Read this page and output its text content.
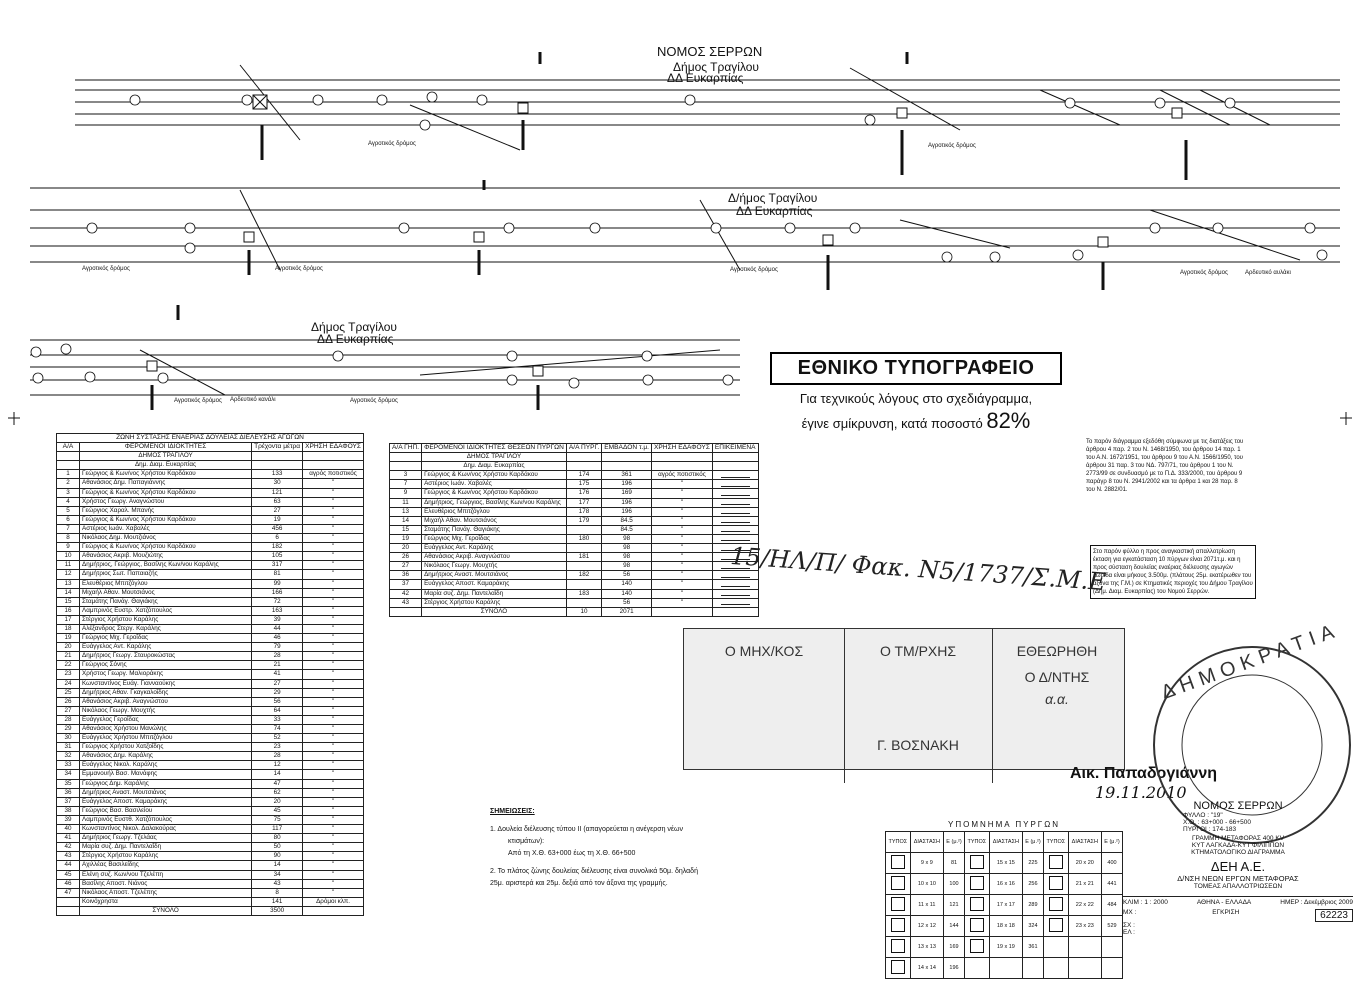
ΝΟΜΟΣ ΣΕΡΡΩΝ
Δήμος Τραγίλου
ΔΔ Ευκαρπίας
Δ/ήμος Τραγίλου
ΔΔ Ευκαρπίας
Δήμος Τραγίλου
ΔΔ Ευκαρπίας
Αγροτικός δρόμος	Αγροτικός δρόμος
Αγροτικός δρόμος	Αγροτικός δρόμος	Αγροτικός δρόμος	Αγροτικός δρόμος
Αγροτικός δρόμος	Αγροτικός δρόμος
Αρδευτικό κανάλι
Αρδευτικό αυλάκι
ΕΘΝΙΚΟ ΤΥΠΟΓΡΑΦΕΙΟ
Για τεχνικούς λόγους στο σχεδιάγραμμα,
έγινε σμίκρυνση, κατά ποσοστό 82%
Το παρόν διάγραμμα εξεδόθη σύμφωνα με τις διατάξεις του άρθρου 4 παρ. 2 του Ν. 1468/1950, του άρθρου 14 παρ. 1 του Α.Ν. 1672/1951, του άρθρου 9 του Α.Ν. 1566/1950, του άρθρου 31 παρ. 3 του ΝΔ. 797/71, του άρθρου 1 του Ν. 2773/99 σε συνδυασμό με το Π.Δ. 333/2000, του άρθρου 9 παράγρ 8 του Ν. 2941/2002 και τα άρθρα 1 και 28 παρ. 8 του Ν. 2882/01.
Στο παρόν φύλλο η προς αναγκαστική απαλλοτρίωση έκταση για εγκατάσταση 10 πύργων είναι 2071τ.μ. και η προς σύσταση δουλείας εναέριας διέλευσης αγωγών λωρίδα είναι μήκους 3.500μ. (πλάτους 25μ. εκατέρωθεν του άξονα της Γ.Μ.) σε Κτηματικές περιοχές του Δήμου Τραγίλου (Δημ. Διαμ. Ευκαρπίας) του Νομού Σερρών.
ΖΩΝΗ ΣΥΣΤΑΣΗΣ ΕΝΑΕΡΙΑΣ ΔΟΥΛΕΙΑΣ ΔΙΕΛΕΥΣΗΣ ΑΓΩΓΩΝ			
Α/Α	ΦΕΡΟΜΕΝΟΙ ΙΔΙΟΚΤΗΤΕΣ	Τρέχοντα μέτρα	ΧΡΗΣΗ ΕΔΑΦΟΥΣ
	ΔΗΜΟΣ ΤΡΑΓΙΛΟΥ		
	Δημ. Διαμ. Ευκαρπίας		
1	Γεώργιος & Κων/νος Χρήστου Καρδάκου	133	αγρός ποτιστικός
2	Αθανάσιος Δημ. Παπαγιάννης	30	"
3	Γεώργιος & Κων/νος Χρήστου Καρδάκου	121	"
4	Χρήστος Γεωργ. Αναγνώστου	63	"
5	Γεώργιος Χαραλ. Μπανής	27	"
6	Γεώργιος & Κων/νος Χρήστου Καρδάκου	19	"
7	Αστέριος Ιωάν. Χαβαλές	456	"
8	Νικόλαος Δημ. Μουτζιάνος	6	"
9	Γεώργιος & Κων/νος Χρήστου Καρδάκου	182	"
10	Αθανάσιος Ακριβ. Μουζιώτης	105	"
11	Δημήτριος, Γεώργιος, Βασίλης Κων/νου Καράλης	317	"
12	Δημήτριος Σωτ. Παπαιαζής	81	"
13	Ελευθέριος Μπιτζόγλου	99	"
14	Μιχαήλ Αθαν. Μουτσιάνος	166	"
15	Σταμάτης Πανάγ. Θαγιάκης	72	"
16	Λαμπρινός Ευστρ. Χατζόπουλος	163	"
17	Στέργιος Χρήστου Καράλης	39	"
18	Αλέξανδρος Στεργ. Καράλης	44	"
19	Γεώργιος Μιχ. Γεροΐδας	46	"
20	Ευάγγελος Αντ. Καράλης	79	"
21	Δημήτριος Γεωργ. Σταυροκώστας	28	"
22	Γεώργιος Σόνης	21	"
23	Χρήστος Γεωργ. Μαλιοράκης	41	"
24	Κωνσταντίνος Ευάγ. Γιανναούκης	27	"
25	Δημήτριος Αθαν. Γκαγκαλοΐδης	29	"
26	Αθανάσιος Ακριβ. Αναγνώστου	56	"
27	Νικόλαος Γεωργ. Μουχτής	64	"
28	Ευάγγελος Γεροΐδας	33	"
29	Αθανάσιος Χρήστου Μανώλης	74	"
30	Ευάγγελος Χρήστου Μπιτζόγλου	52	"
31	Γεώργιος Χρήστου Χατζοΐδης	23	"
32	Αθανάσιος Δημ. Καράλης	28	"
33	Ευάγγελος Νικολ. Καράλης	12	"
34	Εμμανουήλ Βασ. Μανάφης	14	"
35	Γεώργιος Δημ. Καράλης	47	"
36	Δημήτριος Αναστ. Μουτσιάνος	62	"
37	Ευάγγελος Αποστ. Καμαράκης	20	"
38	Γεώργιος Βασ. Βασιλείου	45	"
39	Λαμπρινός Ευστθ. Χατζόπουλος	75	"
40	Κωνσταντίνος Νικολ. Δαλακούρας	117	"
41	Δημήτριος Γεωργ. Τζελάας	80	"
42	Μαρία συζ. Δημ. Παντελαΐδη	50	"
43	Στέργιος Χρήστου Καράλης	90	"
44	Αχιλλέας Βασιλείδης	14	"
45	Ελένη συζ. Κων/νου Τζελέπη	34	"
46	Βασίλης Αποστ. Νιάνος	43	"
47	Νικόλαος Αποστ. Τζελέπης	8	"
	Κοινόχρηστα	141	Δρόμοι κλπ.
	ΣΥΝΟΛΟ	3500	
Α/Α ΓΗΠ.	ΦΕΡΟΜΕΝΟΙ ΙΔΙΟΚΤΗΤΕΣ ΘΕΣΕΩΝ ΠΥΡΓΩΝ	Α/Α ΠΥΡΓ.	ΕΜΒΑΔΟΝ τ.μ.	ΧΡΗΣΗ ΕΔΑΦΟΥΣ	ΕΠΙΚΕΙΜΕΝΑ
	ΔΗΜΟΣ ΤΡΑΓΙΛΟΥ				
	Δημ. Διαμ. Ευκαρπίας				
3	Γεώργιος & Κων/νος Χρήστου Καρδάκου	174	361	αγρός ποτιστικός	

7	Αστέριος Ιωάν. Χαβαλές	175	196	"	

9	Γεώργιος & Κων/νος Χρήστου Καρδάκου	176	169	"	

11	Δημήτριος, Γεώργιος, Βασίλης Κων/νου Καράλης	177	196	"	

13	Ελευθέριος Μπιτζόγλου	178	196	"	

14	Μιχαήλ Αθαν. Μουτσιάνος	179	84.5	"	

15	Σταμάτης Πανάγ. Θαγιάκης		84.5	"	

19	Γεώργιος Μιχ. Γεροΐδας	180	98	"	

20	Ευάγγελος Αντ. Καράλης		98	"	

26	Αθανάσιος Ακριβ. Αναγνώστου	181	98	"	

27	Νικόλαος Γεωργ. Μουχτής		98	"	

36	Δημήτριος Αναστ. Μουτσιάνος	182	56	"	

37	Ευάγγελος Αποστ. Καμαράκης		140	"	

42	Μαρία συζ. Δημ. Παντελαΐδη	183	140	"	

43	Στέργιος Χρήστου Καράλης		56	"	

	ΣΥΝΟΛΟ	10	2071		
15/ΗΛ/Π/ Φακ. Ν5/1737/Σ.Μ.Ε
Ο ΜΗΧ/ΚΟΣ	Ο ΤΜ/ΡΧΗΣ
Γ. ΒΟΣΝΑΚΗ
ΕΘΕΩΡΗΘΗ
Ο Δ/ΝΤΗΣ
α.α.
Αικ. Παπαδογιάννη
19.11.2010
ΔΗΜΟΚΡΑΤΙΑ
ΣΗΜΕΙΩΣΕΙΣ:
1. Δουλεία διέλευσης τύπου ΙΙ (απαγορεύεται η ανέγερση νέων
κτισμάτων):
Από τη Χ.Θ. 63+000 έως τη Χ.Θ. 66+500
2. Το πλάτος ζώνης δουλείας διέλευσης είναι συνολικά 50μ. δηλαδή
25μ. αριστερά και 25μ. δεξιά από τον άξονα της γραμμής.
ΥΠΟΜΝΗΜΑ ΠΥΡΓΩΝ
ΤΥΠΟΣ	ΔΙΑΣΤΑΣΗ	Ε (μ.²)	ΤΥΠΟΣ	ΔΙΑΣΤΑΣΗ	Ε (μ.²)	ΤΥΠΟΣ	ΔΙΑΣΤΑΣΗ	Ε (μ.²)
	9 x 9	81		15 x 15	225		20 x 20	400
	10 x 10	100		16 x 16	256		21 x 21	441
	11 x 11	121		17 x 17	289		22 x 22	484
	12 x 12	144		18 x 18	324		23 x 23	529
	13 x 13	169		19 x 19	361			
	14 x 14	196						
ΝΟΜΟΣ ΣΕΡΡΩΝ
ΦΥΛΛΟ : "19"
Χ.Θ. : 63+000 - 66+500
ΠΥΡΓΟΙ : 174-183
ΓΡΑΜΜΗ ΜΕΤΑΦΟΡΑΣ 400 KV
ΚΥΤ ΛΑΓΚΑΔΑ-ΚΥΤ ΦΙΛΙΠΠΩΝ
ΚΤΗΜΑΤΟΛΟΓΙΚΟ ΔΙΑΓΡΑΜΜΑ
ΔΕΗ Α.Ε.
Δ/ΝΣΗ ΝΕΩΝ ΕΡΓΩΝ ΜΕΤΑΦΟΡΑΣ
ΤΟΜΕΑΣ ΑΠΑΛΛΟΤΡΙΩΣΕΩΝ
ΚΛΙΜ : 1 : 2000	ΑΘΗΝΑ - ΕΛΛΑΔΑ	ΗΜΕΡ : Δεκέμβριος 2009
ΜΧ :	ΕΓΚΡΙΣΗ	62223
ΣΧ :
ΕΛ :
